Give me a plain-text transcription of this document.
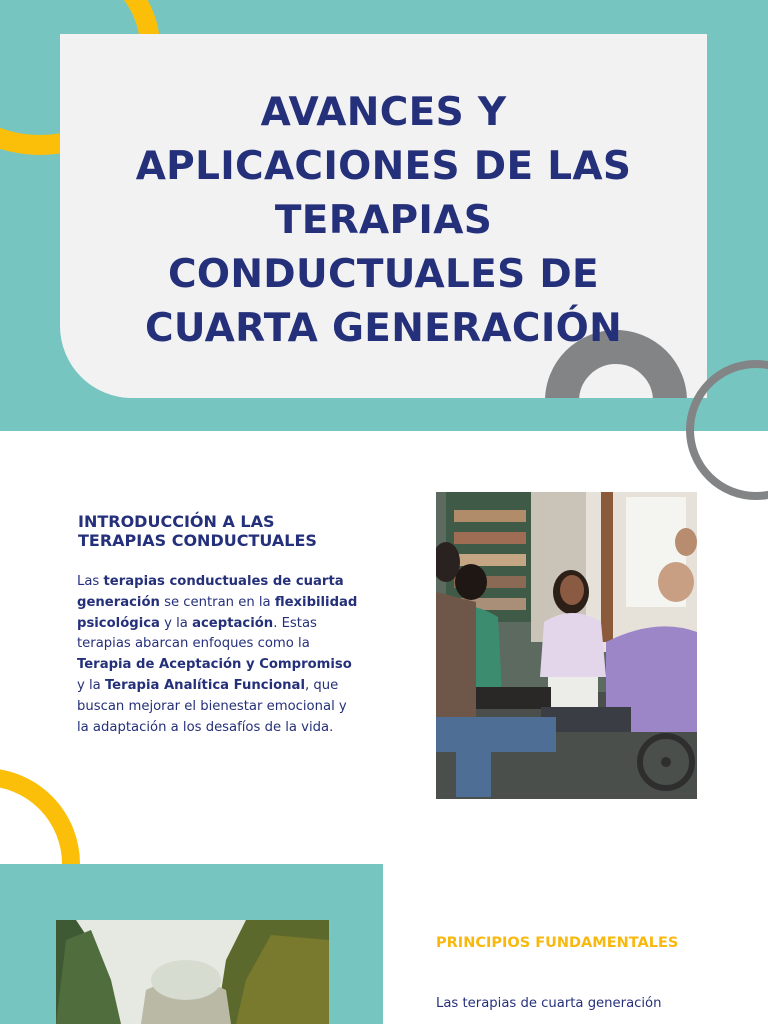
AVANCES Y
APLICACIONES DE LAS
TERAPIAS
CONDUCTUALES DE
CUARTA GENERACIÓN
INTRODUCCIÓN A LAS
TERAPIAS CONDUCTUALES

Las terapias conductuales de cuarta generación se centran en la flexibilidad psicológica y la aceptación. Estas terapias abarcan enfoques como la Terapia de Aceptación y Compromiso y la Terapia Analítica Funcional, que buscan mejorar el bienestar emocional y la adaptación a los desafíos de la vida.

PRINCIPIOS FUNDAMENTALES

Las terapias de cuarta generación
